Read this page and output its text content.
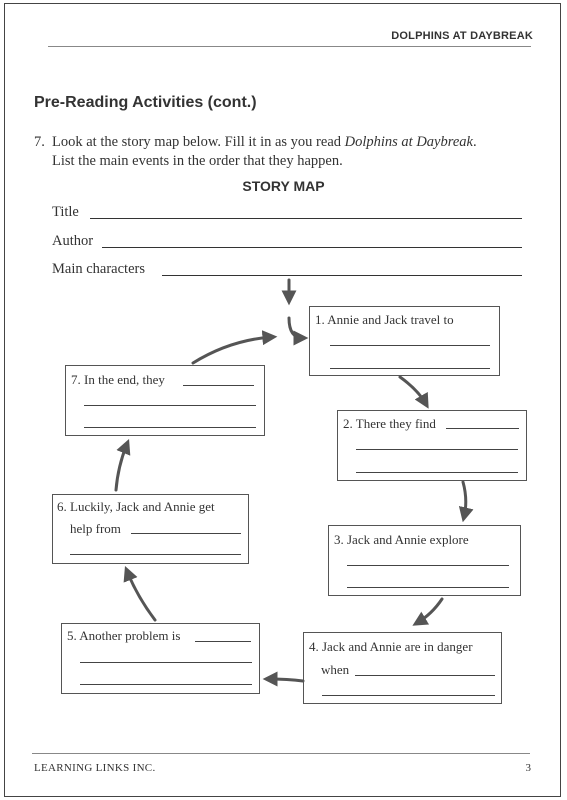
DOLPHINS AT DAYBREAK
Pre-Reading Activities (cont.)
7. Look at the story map below. Fill it in as you read Dolphins at Daybreak.
List the main events in the order that they happen.
STORY MAP
Title
Author
Main characters
1. Annie and Jack travel to
2. There they find
3. Jack and Annie explore
4. Jack and Annie are in danger
when
5. Another problem is
6. Luckily, Jack and Annie get
help from
7. In the end, they
LEARNING LINKS INC.	3
